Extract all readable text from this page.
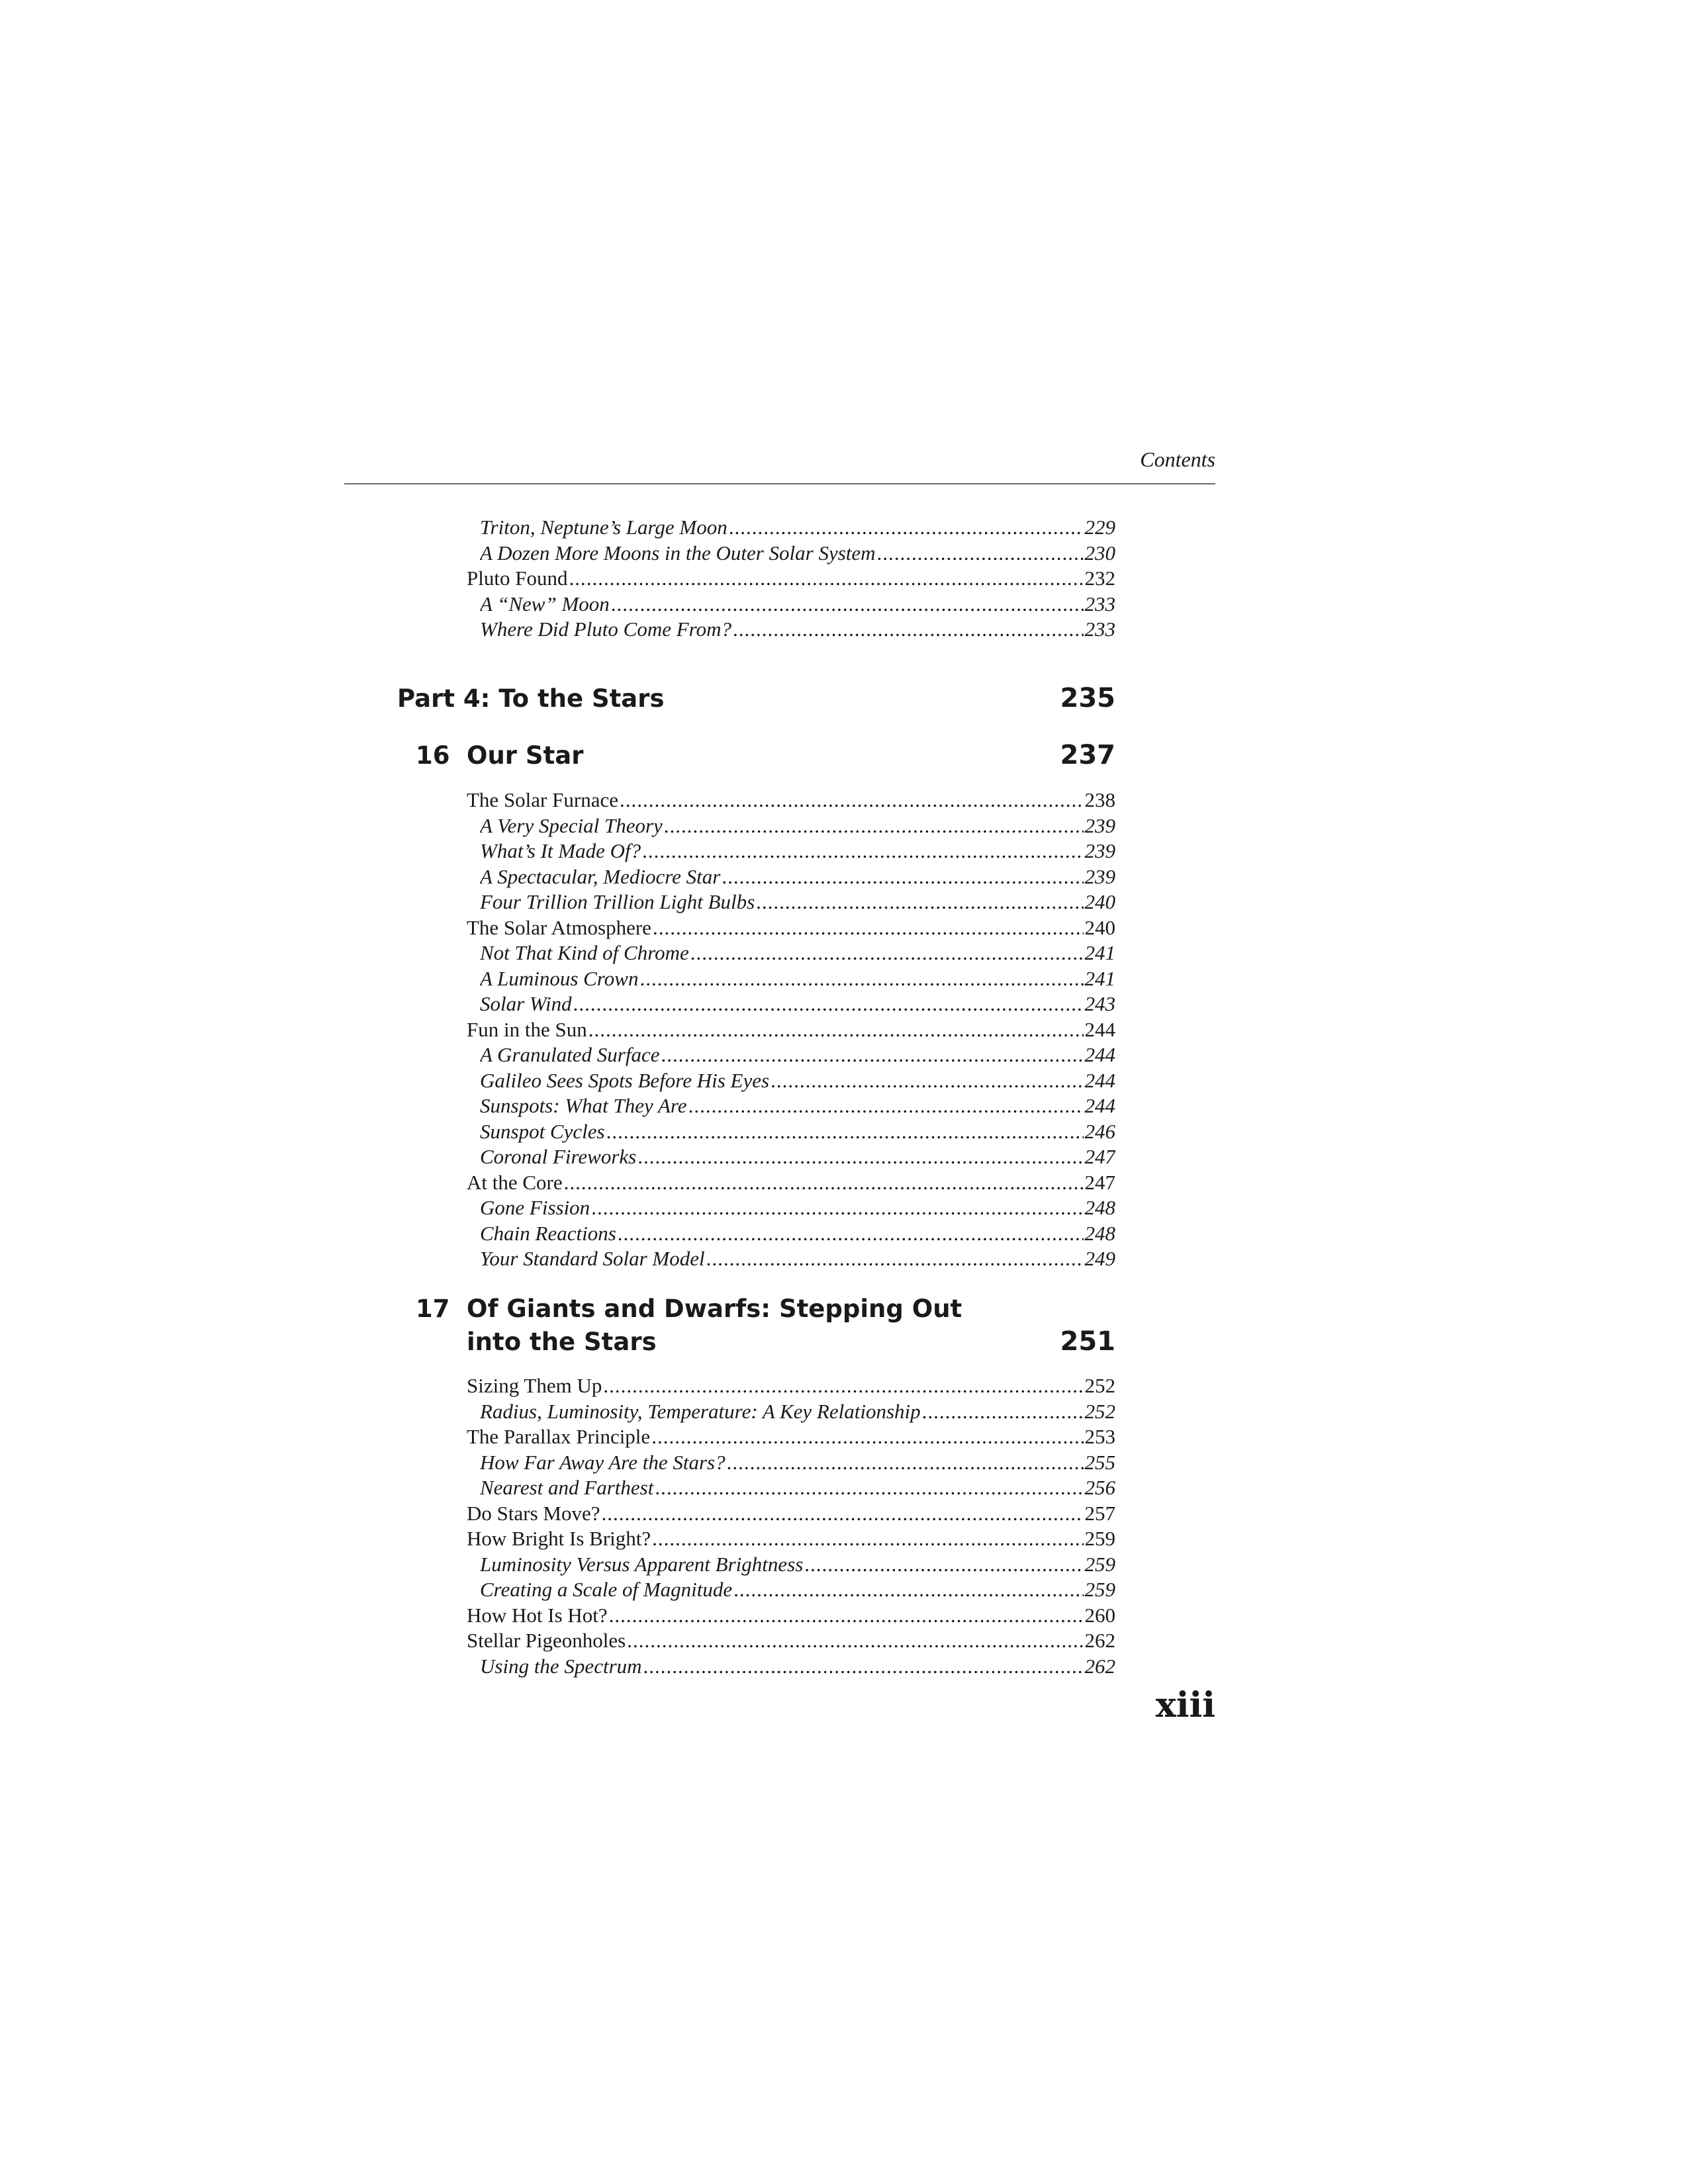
Contents
Triton, Neptune’s Large Moon .....	229
A Dozen More Moons in the Outer Solar System .....	230
Pluto Found .....	232
A “New” Moon .....	233
Where Did Pluto Come From? .....	233
Part 4: To the Stars	235
16 Our Star	237
The Solar Furnace .....	238
A Very Special Theory .....	239
What’s It Made Of? .....	239
A Spectacular, Mediocre Star .....	239
Four Trillion Trillion Light Bulbs .....	240
The Solar Atmosphere .....	240
Not That Kind of Chrome .....	241
A Luminous Crown .....	241
Solar Wind .....	243
Fun in the Sun .....	244
A Granulated Surface .....	244
Galileo Sees Spots Before His Eyes .....	244
Sunspots: What They Are .....	244
Sunspot Cycles .....	246
Coronal Fireworks .....	247
At the Core .....	247
Gone Fission .....	248
Chain Reactions .....	248
Your Standard Solar Model .....	249
17 Of Giants and Dwarfs: Stepping Out
into the Stars	251
Sizing Them Up .....	252
Radius, Luminosity, Temperature: A Key Relationship .....	252
The Parallax Principle .....	253
How Far Away Are the Stars? .....	255
Nearest and Farthest .....	256
Do Stars Move? .....	257
How Bright Is Bright? .....	259
Luminosity Versus Apparent Brightness .....	259
Creating a Scale of Magnitude .....	259
How Hot Is Hot? .....	260
Stellar Pigeonholes .....	262
Using the Spectrum .....	262
xiii
